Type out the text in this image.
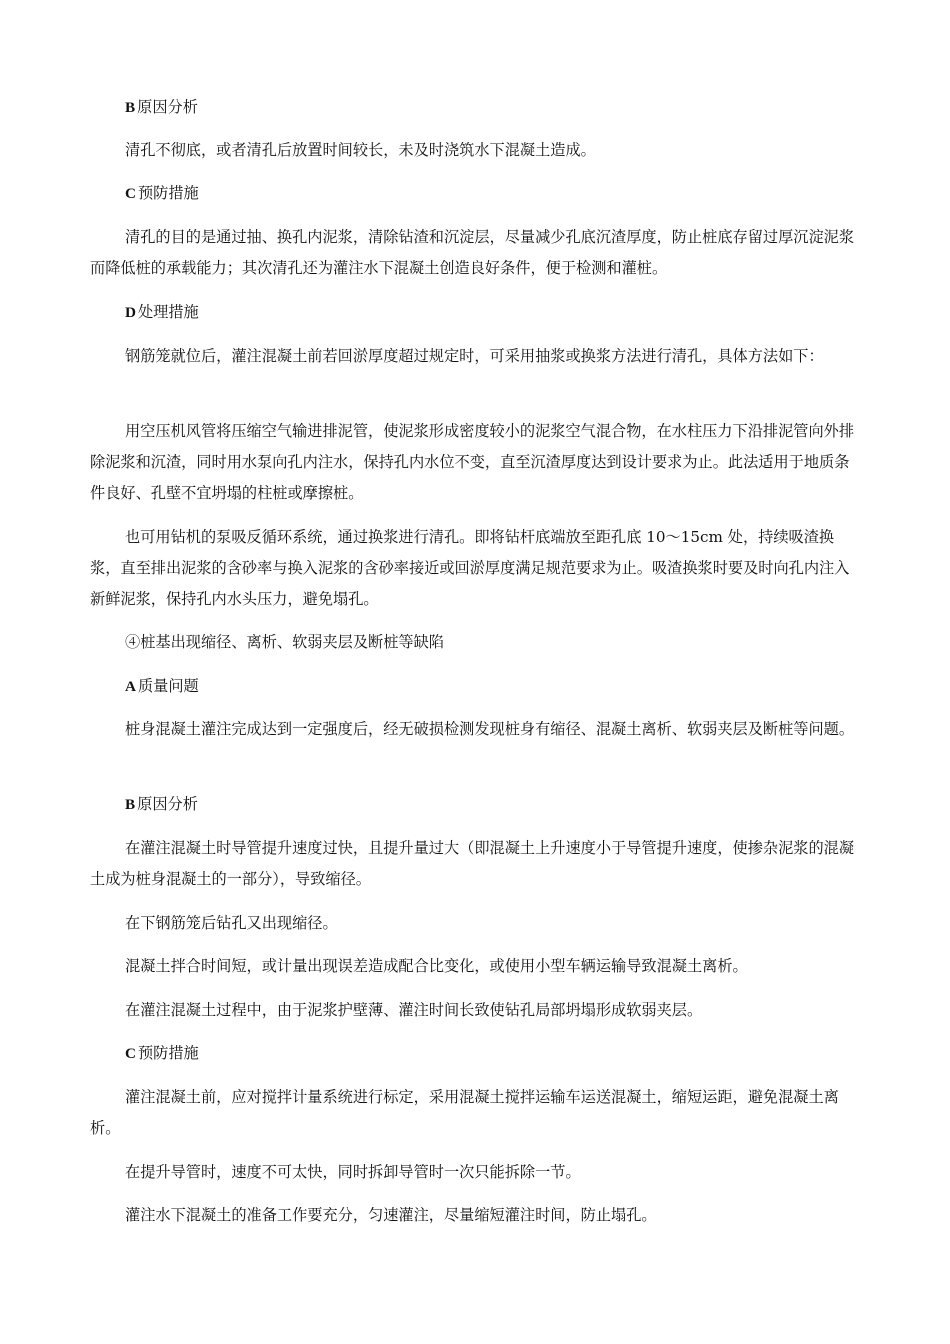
B 原因分析

清孔不彻底，或者清孔后放置时间较长，未及时浇筑水下混凝土造成。

C 预防措施

清孔的目的是通过抽、换孔内泥浆，清除钻渣和沉淀层，尽量减少孔底沉渣厚度，防止桩底存留过厚沉淀泥浆而降低桩的承载能力；其次清孔还为灌注水下混凝土创造良好条件，便于检测和灌桩。

D 处理措施

钢筋笼就位后，灌注混凝土前若回淤厚度超过规定时，可采用抽浆或换浆方法进行清孔，具体方法如下：

用空压机风管将压缩空气输进排泥管，使泥浆形成密度较小的泥浆空气混合物，在水柱压力下沿排泥管向外排除泥浆和沉渣，同时用水泵向孔内注水，保持孔内水位不变，直至沉渣厚度达到设计要求为止。此法适用于地质条件良好、孔壁不宜坍塌的柱桩或摩擦桩。

也可用钻机的泵吸反循环系统，通过换浆进行清孔。即将钻杆底端放至距孔底 10～15cm 处，持续吸渣换浆，直至排出泥浆的含砂率与换入泥浆的含砂率接近或回淤厚度满足规范要求为止。吸渣换浆时要及时向孔内注入新鲜泥浆，保持孔内水头压力，避免塌孔。

④桩基出现缩径、离析、软弱夹层及断桩等缺陷

A 质量问题

桩身混凝土灌注完成达到一定强度后，经无破损检测发现桩身有缩径、混凝土离析、软弱夹层及断桩等问题。

B 原因分析

在灌注混凝土时导管提升速度过快，且提升量过大（即混凝土上升速度小于导管提升速度，使掺杂泥浆的混凝土成为桩身混凝土的一部分），导致缩径。

在下钢筋笼后钻孔又出现缩径。

混凝土拌合时间短，或计量出现误差造成配合比变化，或使用小型车辆运输导致混凝土离析。

在灌注混凝土过程中，由于泥浆护壁薄、灌注时间长致使钻孔局部坍塌形成软弱夹层。

C 预防措施

灌注混凝土前，应对搅拌计量系统进行标定，采用混凝土搅拌运输车运送混凝土，缩短运距，避免混凝土离析。

在提升导管时，速度不可太快，同时拆卸导管时一次只能拆除一节。

灌注水下混凝土的准备工作要充分，匀速灌注，尽量缩短灌注时间，防止塌孔。
